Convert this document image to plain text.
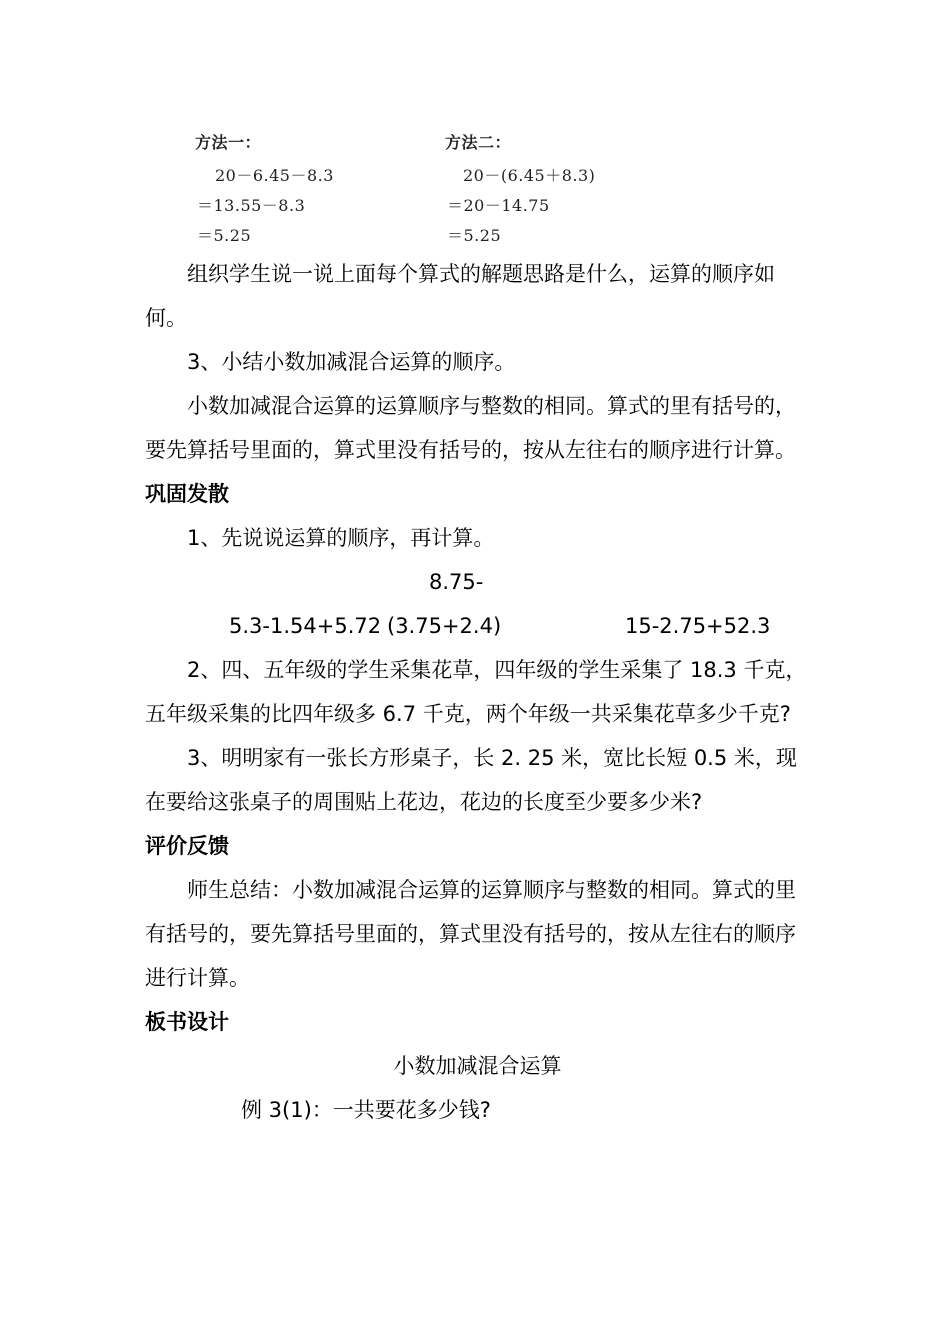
方法一：
20－6.45－8.3
＝13.55－8.3
＝5.25
方法二：
20－(6.45＋8.3)
＝20－14.75
＝5.25

组织学生说一说上面每个算式的解题思路是什么，运算的顺序如何。

3、小结小数加减混合运算的顺序。

小数加减混合运算的运算顺序与整数的相同。算式的里有括号的，要先算括号里面的，算式里没有括号的，按从左往右的顺序进行计算。

巩固发散

1、先说说运算的顺序，再计算。

5.3-1.54+5.728.75- (3.75+2.4)	15-2.75+52.3

2、四、五年级的学生采集花草，四年级的学生采集了 18.3 千克，五年级采集的比四年级多 6.7 千克，两个年级一共采集花草多少千克?

3、明明家有一张长方形桌子，长 2. 25 米，宽比长短 0.5 米，现在要给这张桌子的周围贴上花边，花边的长度至少要多少米?

评价反馈

师生总结：小数加减混合运算的运算顺序与整数的相同。算式的里有括号的，要先算括号里面的，算式里没有括号的，按从左往右的顺序进行计算。

板书设计

小数加减混合运算

例 3(1)：一共要花多少钱?
